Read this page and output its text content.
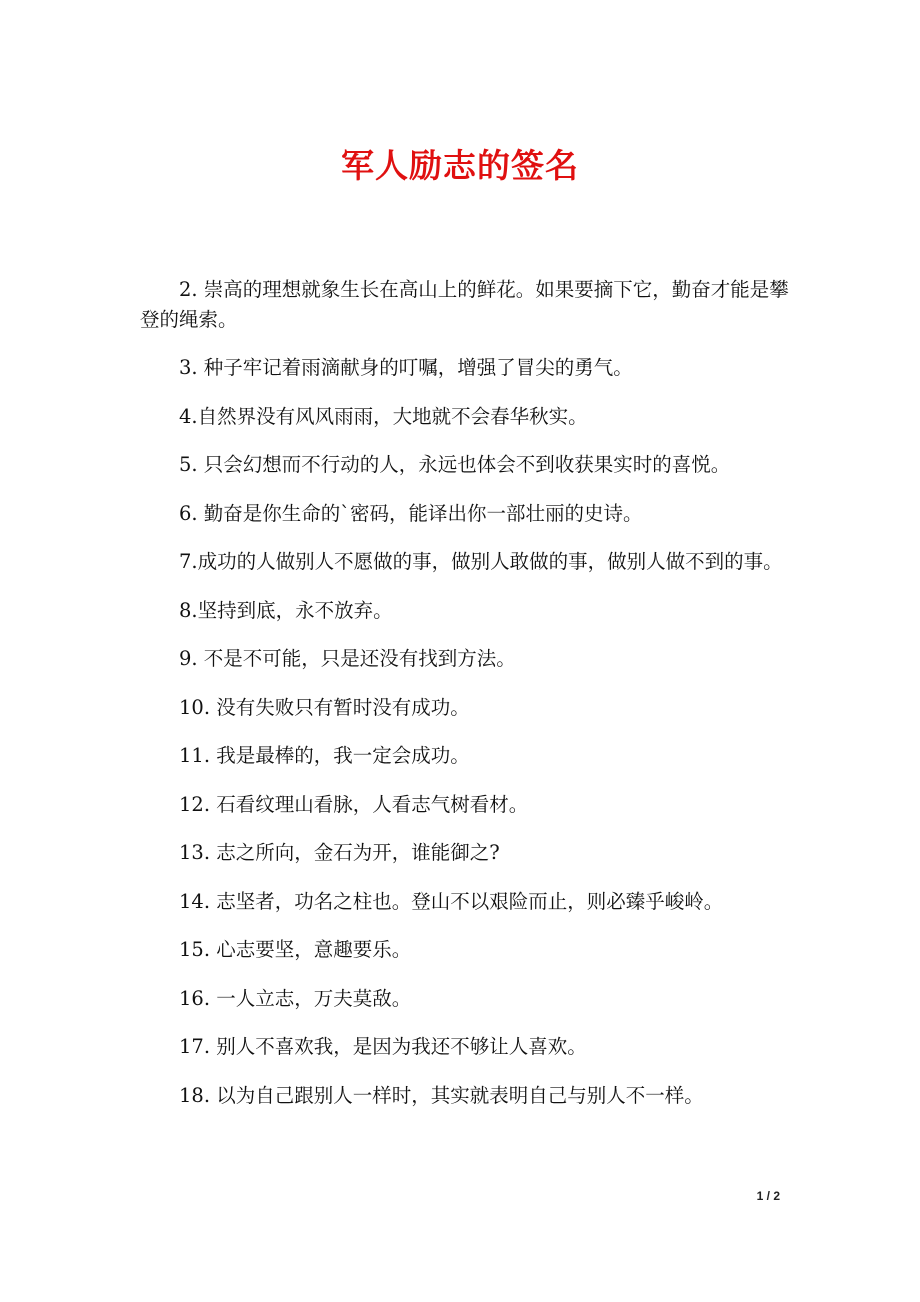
军人励志的签名

2. 崇高的理想就象生长在高山上的鲜花。如果要摘下它，勤奋才能是攀登的绳索。

3. 种子牢记着雨滴献身的叮嘱，增强了冒尖的勇气。

4.自然界没有风风雨雨，大地就不会春华秋实。

5. 只会幻想而不行动的人，永远也体会不到收获果实时的喜悦。

6. 勤奋是你生命的`密码，能译出你一部壮丽的史诗。

7.成功的人做别人不愿做的事，做别人敢做的事，做别人做不到的事。

8.坚持到底，永不放弃。

9. 不是不可能，只是还没有找到方法。

10. 没有失败只有暂时没有成功。

11. 我是最棒的，我一定会成功。

12. 石看纹理山看脉，人看志气树看材。

13. 志之所向，金石为开，谁能御之?

14. 志坚者，功名之柱也。登山不以艰险而止，则必臻乎峻岭。

15. 心志要坚，意趣要乐。

16. 一人立志，万夫莫敌。

17. 别人不喜欢我，是因为我还不够让人喜欢。

18. 以为自己跟别人一样时，其实就表明自己与别人不一样。

1 / 2
